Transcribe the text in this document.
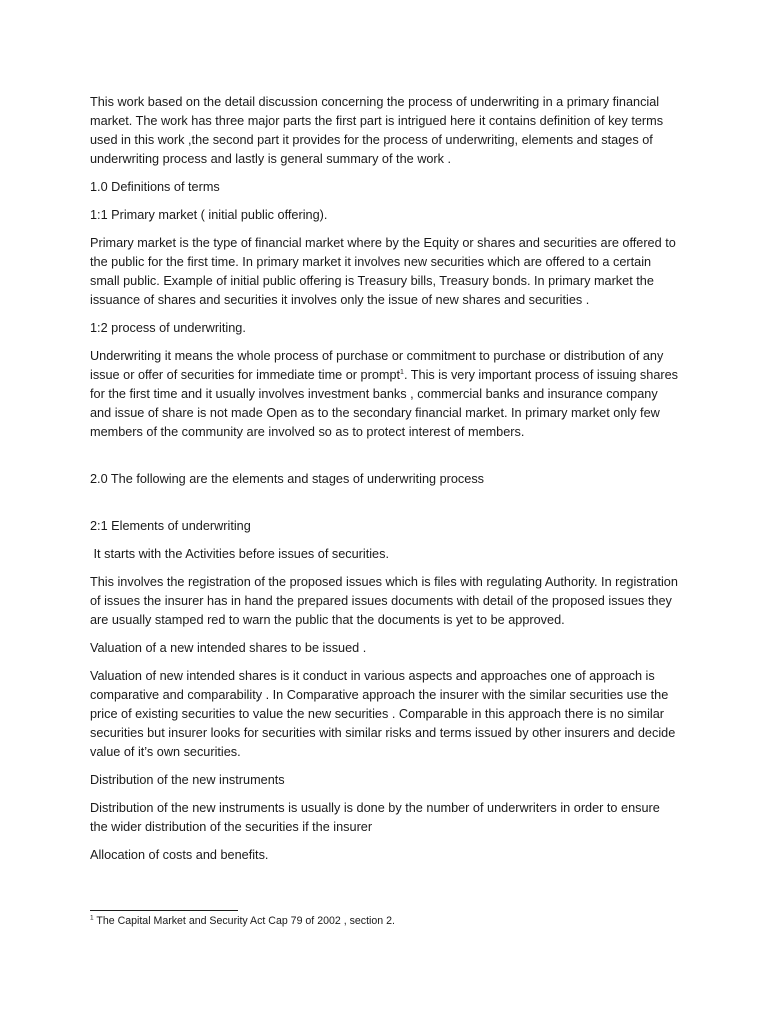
This work based on the detail discussion concerning the process of underwriting in a primary financial market. The work has three major parts the first part is intrigued here it contains definition of key terms used in this work ,the second part it provides for the process of underwriting, elements and stages of underwriting process and lastly is general summary of the work .

1.0 Definitions of terms

1:1 Primary market ( initial public offering).

Primary market is the type of financial market where by the Equity or shares and securities are offered to the public for the first time. In primary market it involves new securities which are offered to a certain small public. Example of initial public offering is Treasury bills, Treasury bonds. In primary market the issuance of shares and securities it involves only the issue of new shares and securities .

1:2 process of underwriting.

Underwriting it means the whole process of purchase or commitment to purchase or distribution of any issue or offer of securities for immediate time or prompt$^1$. This is very important process of issuing shares for the first time and it usually involves investment banks , commercial banks and insurance company and issue of share is not made Open as to the secondary financial market. In primary market only few members of the community are involved so as to protect interest of members.

2.0 The following are the elements and stages of underwriting process

2:1 Elements of underwriting

It starts with the Activities before issues of securities.

This involves the registration of the proposed issues which is files with regulating Authority. In registration of issues the insurer has in hand the prepared issues documents with detail of the proposed issues they are usually stamped red to warn the public that the documents is yet to be approved.

Valuation of a new intended shares to be issued .

Valuation of new intended shares is it conduct in various aspects and approaches one of approach is comparative and comparability . In Comparative approach the insurer with the similar securities use the price of existing securities to value the new securities . Comparable in this approach there is no similar securities but insurer looks for securities with similar risks and terms issued by other insurers and decide value of it’s own securities.

Distribution of the new instruments

Distribution of the new instruments is usually is done by the number of underwriters in order to ensure the wider distribution of the securities if the insurer

Allocation of costs and benefits.

$^1$ The Capital Market and Security Act Cap 79 of 2002 , section 2.
